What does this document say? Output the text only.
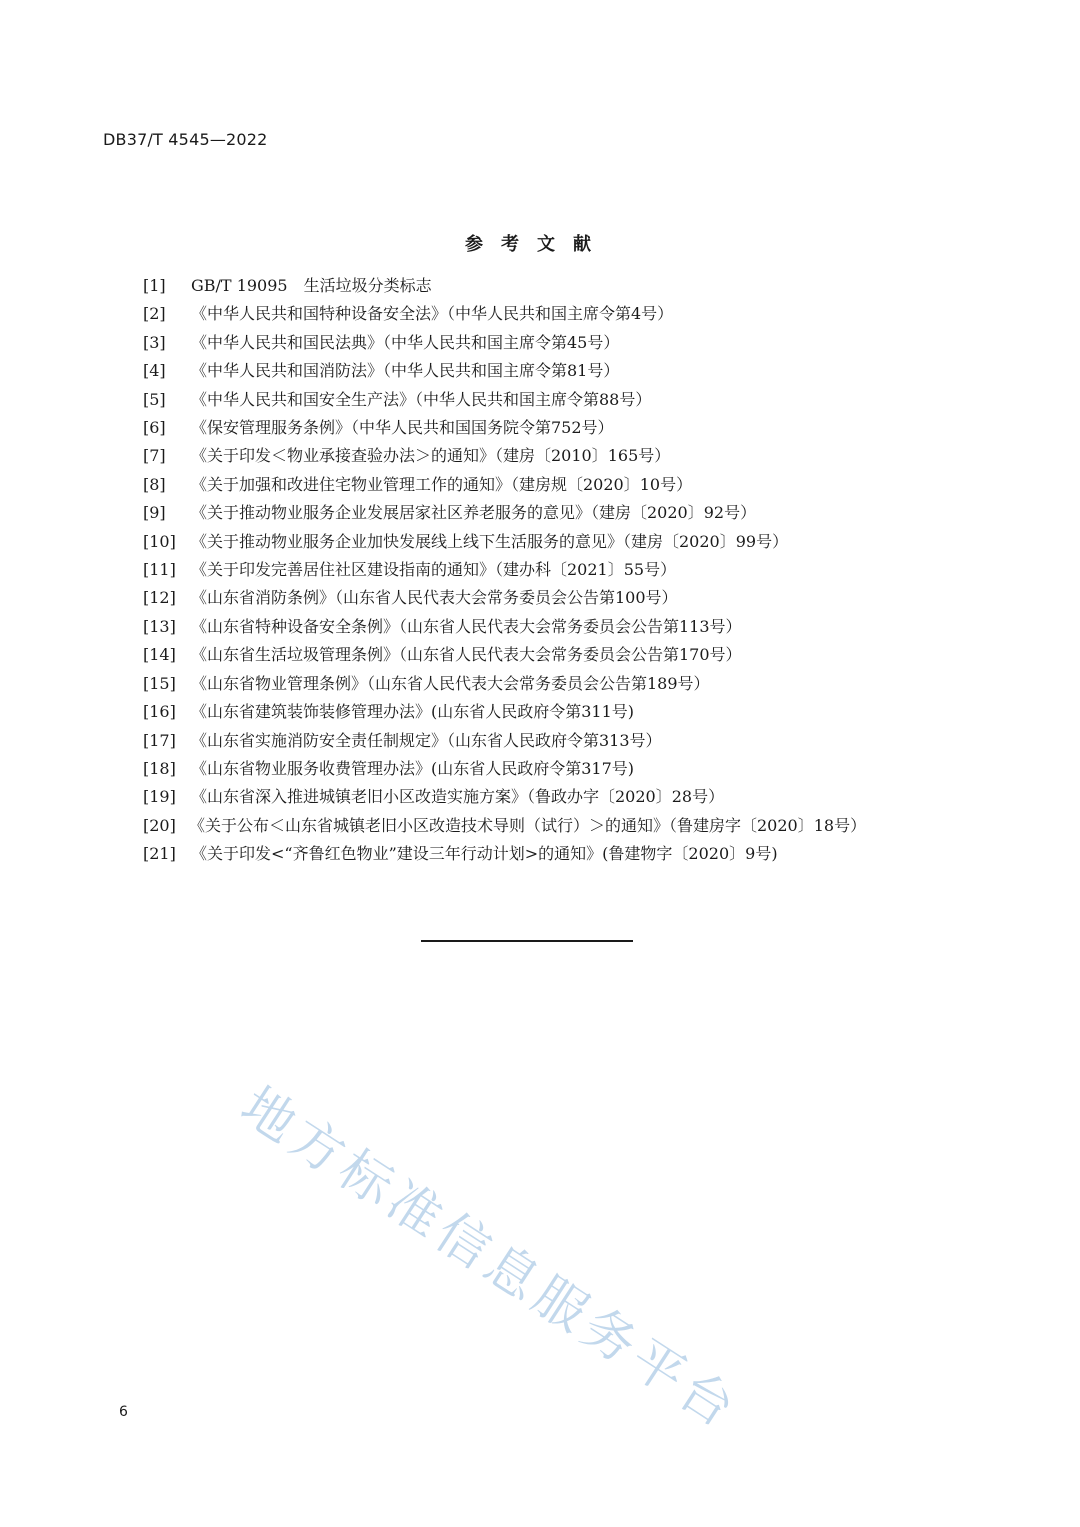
DB37/T 4545—2022
参 考 文 献
[1] GB/T 19095　生活垃圾分类标志
[2] 《中华人民共和国特种设备安全法》（中华人民共和国主席令第4号）
[3] 《中华人民共和国民法典》（中华人民共和国主席令第45号）
[4] 《中华人民共和国消防法》（中华人民共和国主席令第81号）
[5] 《中华人民共和国安全生产法》（中华人民共和国主席令第88号）
[6] 《保安管理服务条例》（中华人民共和国国务院令第752号）
[7] 《关于印发＜物业承接查验办法＞的通知》（建房〔2010〕165号）
[8] 《关于加强和改进住宅物业管理工作的通知》（建房规〔2020〕10号）
[9] 《关于推动物业服务企业发展居家社区养老服务的意见》（建房〔2020〕92号）
[10] 《关于推动物业服务企业加快发展线上线下生活服务的意见》（建房〔2020〕99号）
[11] 《关于印发完善居住社区建设指南的通知》（建办科〔2021〕55号）
[12] 《山东省消防条例》（山东省人民代表大会常务委员会公告第100号）
[13] 《山东省特种设备安全条例》（山东省人民代表大会常务委员会公告第113号）
[14] 《山东省生活垃圾管理条例》（山东省人民代表大会常务委员会公告第170号）
[15] 《山东省物业管理条例》（山东省人民代表大会常务委员会公告第189号）
[16] 《山东省建筑装饰装修管理办法》(山东省人民政府令第311号)
[17] 《山东省实施消防安全责任制规定》（山东省人民政府令第313号）
[18] 《山东省物业服务收费管理办法》(山东省人民政府令第317号)
[19] 《山东省深入推进城镇老旧小区改造实施方案》（鲁政办字〔2020〕28号）
[20] 《关于公布＜山东省城镇老旧小区改造技术导则（试行）＞的通知》（鲁建房字〔2020〕18号）
[21] 《关于印发<“齐鲁红色物业”建设三年行动计划>的通知》(鲁建物字〔2020〕9号)
地方标准信息服务平台
6
